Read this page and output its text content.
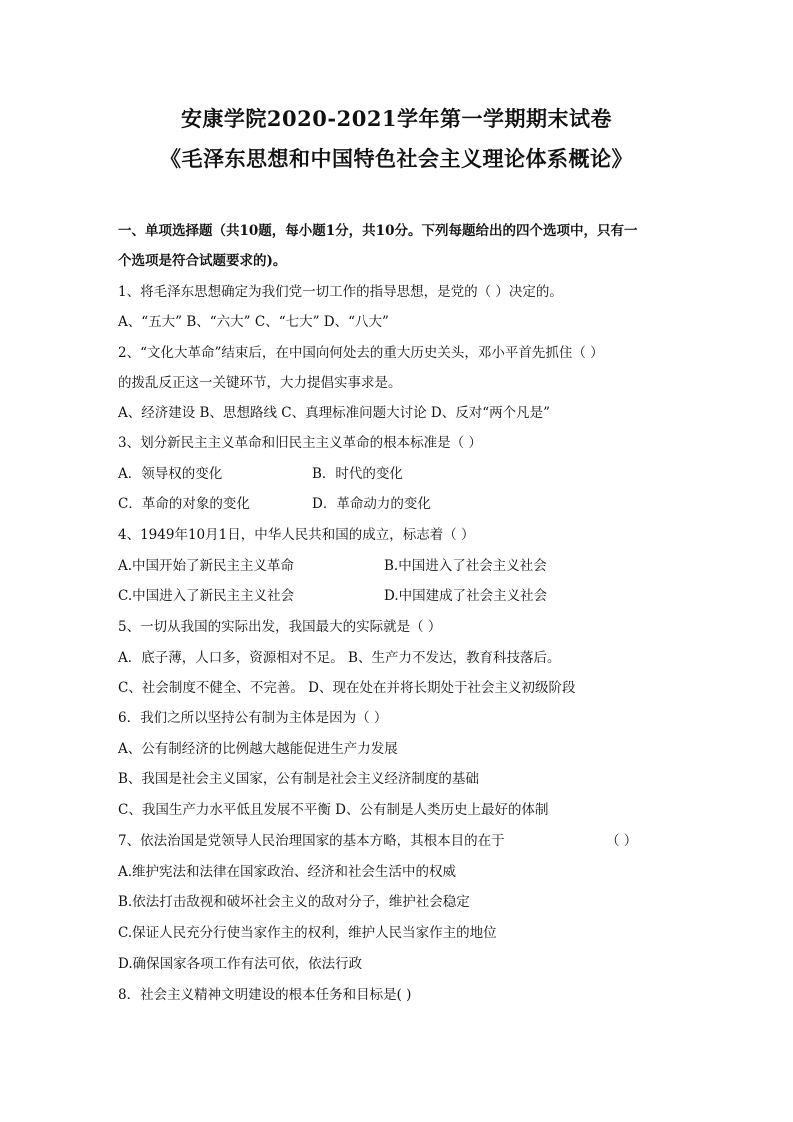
安康学院2020-2021学年第一学期期末试卷
《毛泽东思想和中国特色社会主义理论体系概论》
一、单项选择题（共10题，每小题1分，共10分。下列每题给出的四个选项中，只有一
个选项是符合试题要求的)。
1、将毛泽东思想确定为我们党一切工作的指导思想，是党的（ ）决定的。
A、“五大” B、“六大” C、“七大” D、“八大”
2、“文化大革命”结束后，在中国向何处去的重大历史关头，邓小平首先抓住（ ）
的拨乱反正这一关键环节，大力提倡实事求是。
A、经济建设 B、思想路线 C、真理标准问题大讨论 D、反对“两个凡是”
3、划分新民主主义革命和旧民主主义革命的根本标准是（ ）
A．领导权的变化	B．时代的变化
C．革命的对象的变化	D．革命动力的变化
4、1949年10月1日，中华人民共和国的成立，标志着（ ）
A.中国开始了新民主主义革命	B.中国进入了社会主义社会
C.中国进入了新民主主义社会	D.中国建成了社会主义社会
5、一切从我国的实际出发，我国最大的实际就是（ ）
A．底子薄，人口多，资源相对不足。 B、生产力不发达，教育科技落后。
C、社会制度不健全、不完善。 D、现在处在并将长期处于社会主义初级阶段
6．我们之所以坚持公有制为主体是因为（ ）
A、公有制经济的比例越大越能促进生产力发展
B、我国是社会主义国家，公有制是社会主义经济制度的基础
C、我国生产力水平低且发展不平衡 D、公有制是人类历史上最好的体制
7、依法治国是党领导人民治理国家的基本方略，其根本目的在于	（ ）
A.维护宪法和法律在国家政治、经济和社会生活中的权威
B.依法打击敌视和破坏社会主义的敌对分子，维护社会稳定
C.保证人民充分行使当家作主的权利，维护人民当家作主的地位
D.确保国家各项工作有法可依，依法行政
8．社会主义精神文明建设的根本任务和目标是( )
